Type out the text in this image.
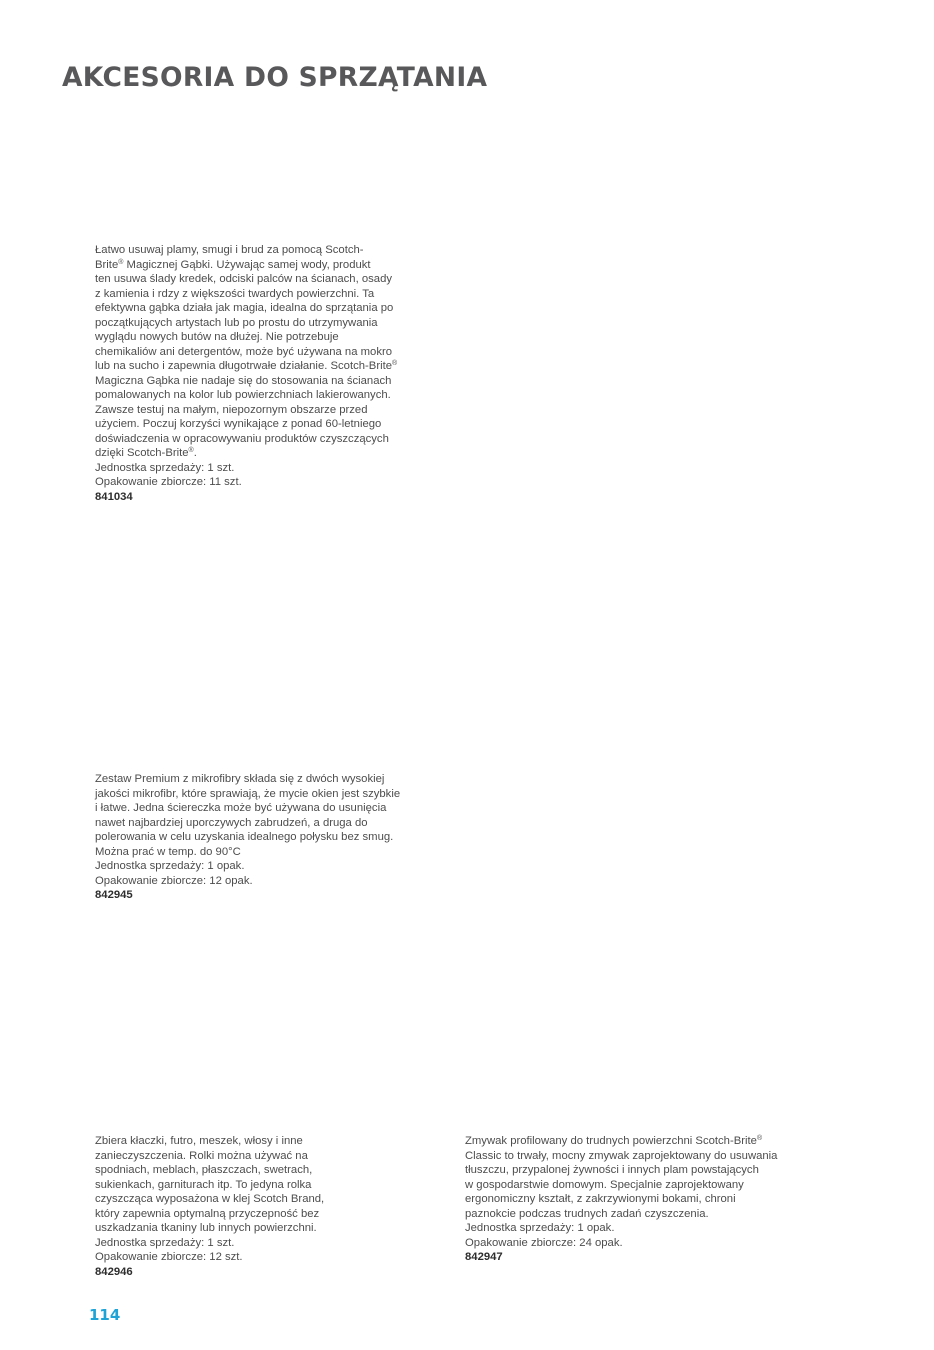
AKCESORIA DO SPRZĄTANIA
Łatwo usuwaj plamy, smugi i brud za pomocą Scotch-
Brite® Magicznej Gąbki. Używając samej wody, produkt
ten usuwa ślady kredek, odciski palców na ścianach, osady
z kamienia i rdzy z większości twardych powierzchni. Ta
efektywna gąbka działa jak magia, idealna do sprzątania po
początkujących artystach lub po prostu do utrzymywania
wyglądu nowych butów na dłużej. Nie potrzebuje
chemikaliów ani detergentów, może być używana na mokro
lub na sucho i zapewnia długotrwałe działanie. Scotch-Brite®
Magiczna Gąbka nie nadaje się do stosowania na ścianach
pomalowanych na kolor lub powierzchniach lakierowanych.
Zawsze testuj na małym, niepozornym obszarze przed
użyciem. Poczuj korzyści wynikające z ponad 60-letniego
doświadczenia w opracowywaniu produktów czyszczących
dzięki Scotch-Brite®.
Jednostka sprzedaży: 1 szt.
Opakowanie zbiorcze: 11 szt.
841034
Zestaw Premium z mikrofibry składa się z dwóch wysokiej
jakości mikrofibr, które sprawiają, że mycie okien jest szybkie
i łatwe. Jedna ściereczka może być używana do usunięcia
nawet najbardziej uporczywych zabrudzeń, a druga do
polerowania w celu uzyskania idealnego połysku bez smug.
Można prać w temp. do 90°C
Jednostka sprzedaży: 1 opak.
Opakowanie zbiorcze: 12 opak.
842945
Zbiera kłaczki, futro, meszek, włosy i inne
zanieczyszczenia. Rolki można używać na
spodniach, meblach, płaszczach, swetrach,
sukienkach, garniturach itp. To jedyna rolka
czyszcząca wyposażona w klej Scotch Brand,
który zapewnia optymalną przyczepność bez
uszkadzania tkaniny lub innych powierzchni.
Jednostka sprzedaży: 1 szt.
Opakowanie zbiorcze: 12 szt.
842946
Zmywak profilowany do trudnych powierzchni Scotch-Brite®
Classic to trwały, mocny zmywak zaprojektowany do usuwania
tłuszczu, przypalonej żywności i innych plam powstających
w gospodarstwie domowym. Specjalnie zaprojektowany
ergonomiczny kształt, z zakrzywionymi bokami, chroni
paznokcie podczas trudnych zadań czyszczenia.
Jednostka sprzedaży: 1 opak.
Opakowanie zbiorcze: 24 opak.
842947
114
